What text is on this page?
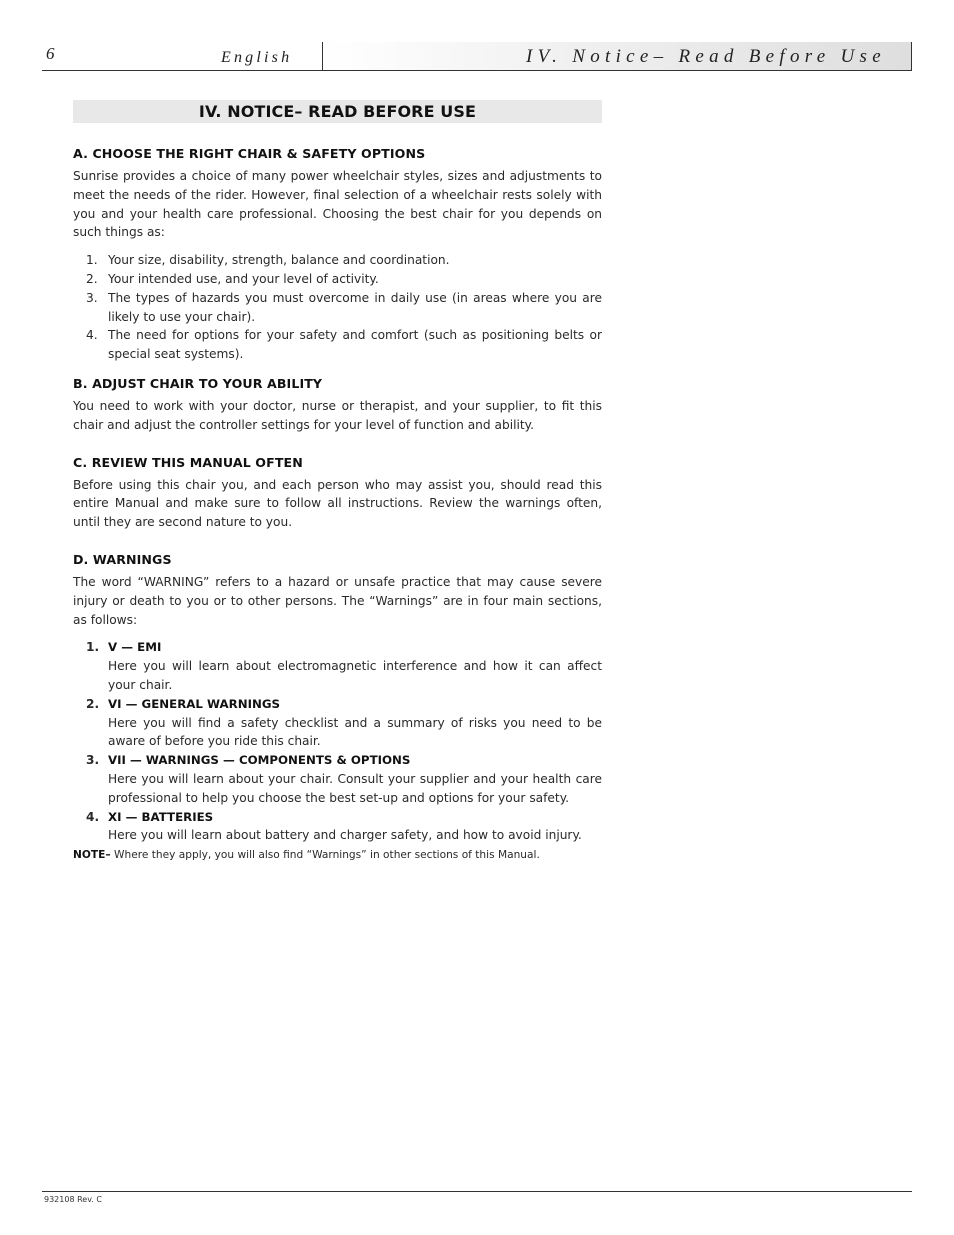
6	English	IV. Notice– Read Before Use
IV. NOTICE– READ BEFORE USE
A. CHOOSE THE RIGHT CHAIR & SAFETY OPTIONS

Sunrise provides a choice of many power wheelchair styles, sizes and adjustments to meet the needs of the rider. However, final selection of a wheelchair rests solely with you and your health care professional. Choosing the best chair for you depends on such things as:

1. Your size, disability, strength, balance and coordination.
2. Your intended use, and your level of activity.
3. The types of hazards you must overcome in daily use (in areas where you are likely to use your chair).
4. The need for options for your safety and comfort (such as positioning belts or special seat systems).
B. ADJUST CHAIR TO YOUR ABILITY

You need to work with your doctor, nurse or therapist, and your supplier, to fit this chair and adjust the controller settings for your level of function and ability.

C. REVIEW THIS MANUAL OFTEN

Before using this chair you, and each person who may assist you, should read this entire Manual and make sure to follow all instructions. Review the warnings often, until they are second nature to you.

D. WARNINGS

The word “WARNING” refers to a hazard or unsafe practice that may cause severe injury or death to you or to other persons. The “Warnings” are in four main sections, as follows:

1. V — EMI
Here you will learn about electromagnetic interference and how it can affect your chair.
2. VI — GENERAL WARNINGS
Here you will find a safety checklist and a summary of risks you need to be aware of before you ride this chair.
3. VII — WARNINGS — COMPONENTS & OPTIONS
Here you will learn about your chair. Consult your supplier and your health care professional to help you choose the best set-up and options for your safety.
4. XI — BATTERIES
Here you will learn about battery and charger safety, and how to avoid injury.

NOTE– Where they apply, you will also find “Warnings” in other sections of this Manual.

932108 Rev. C
